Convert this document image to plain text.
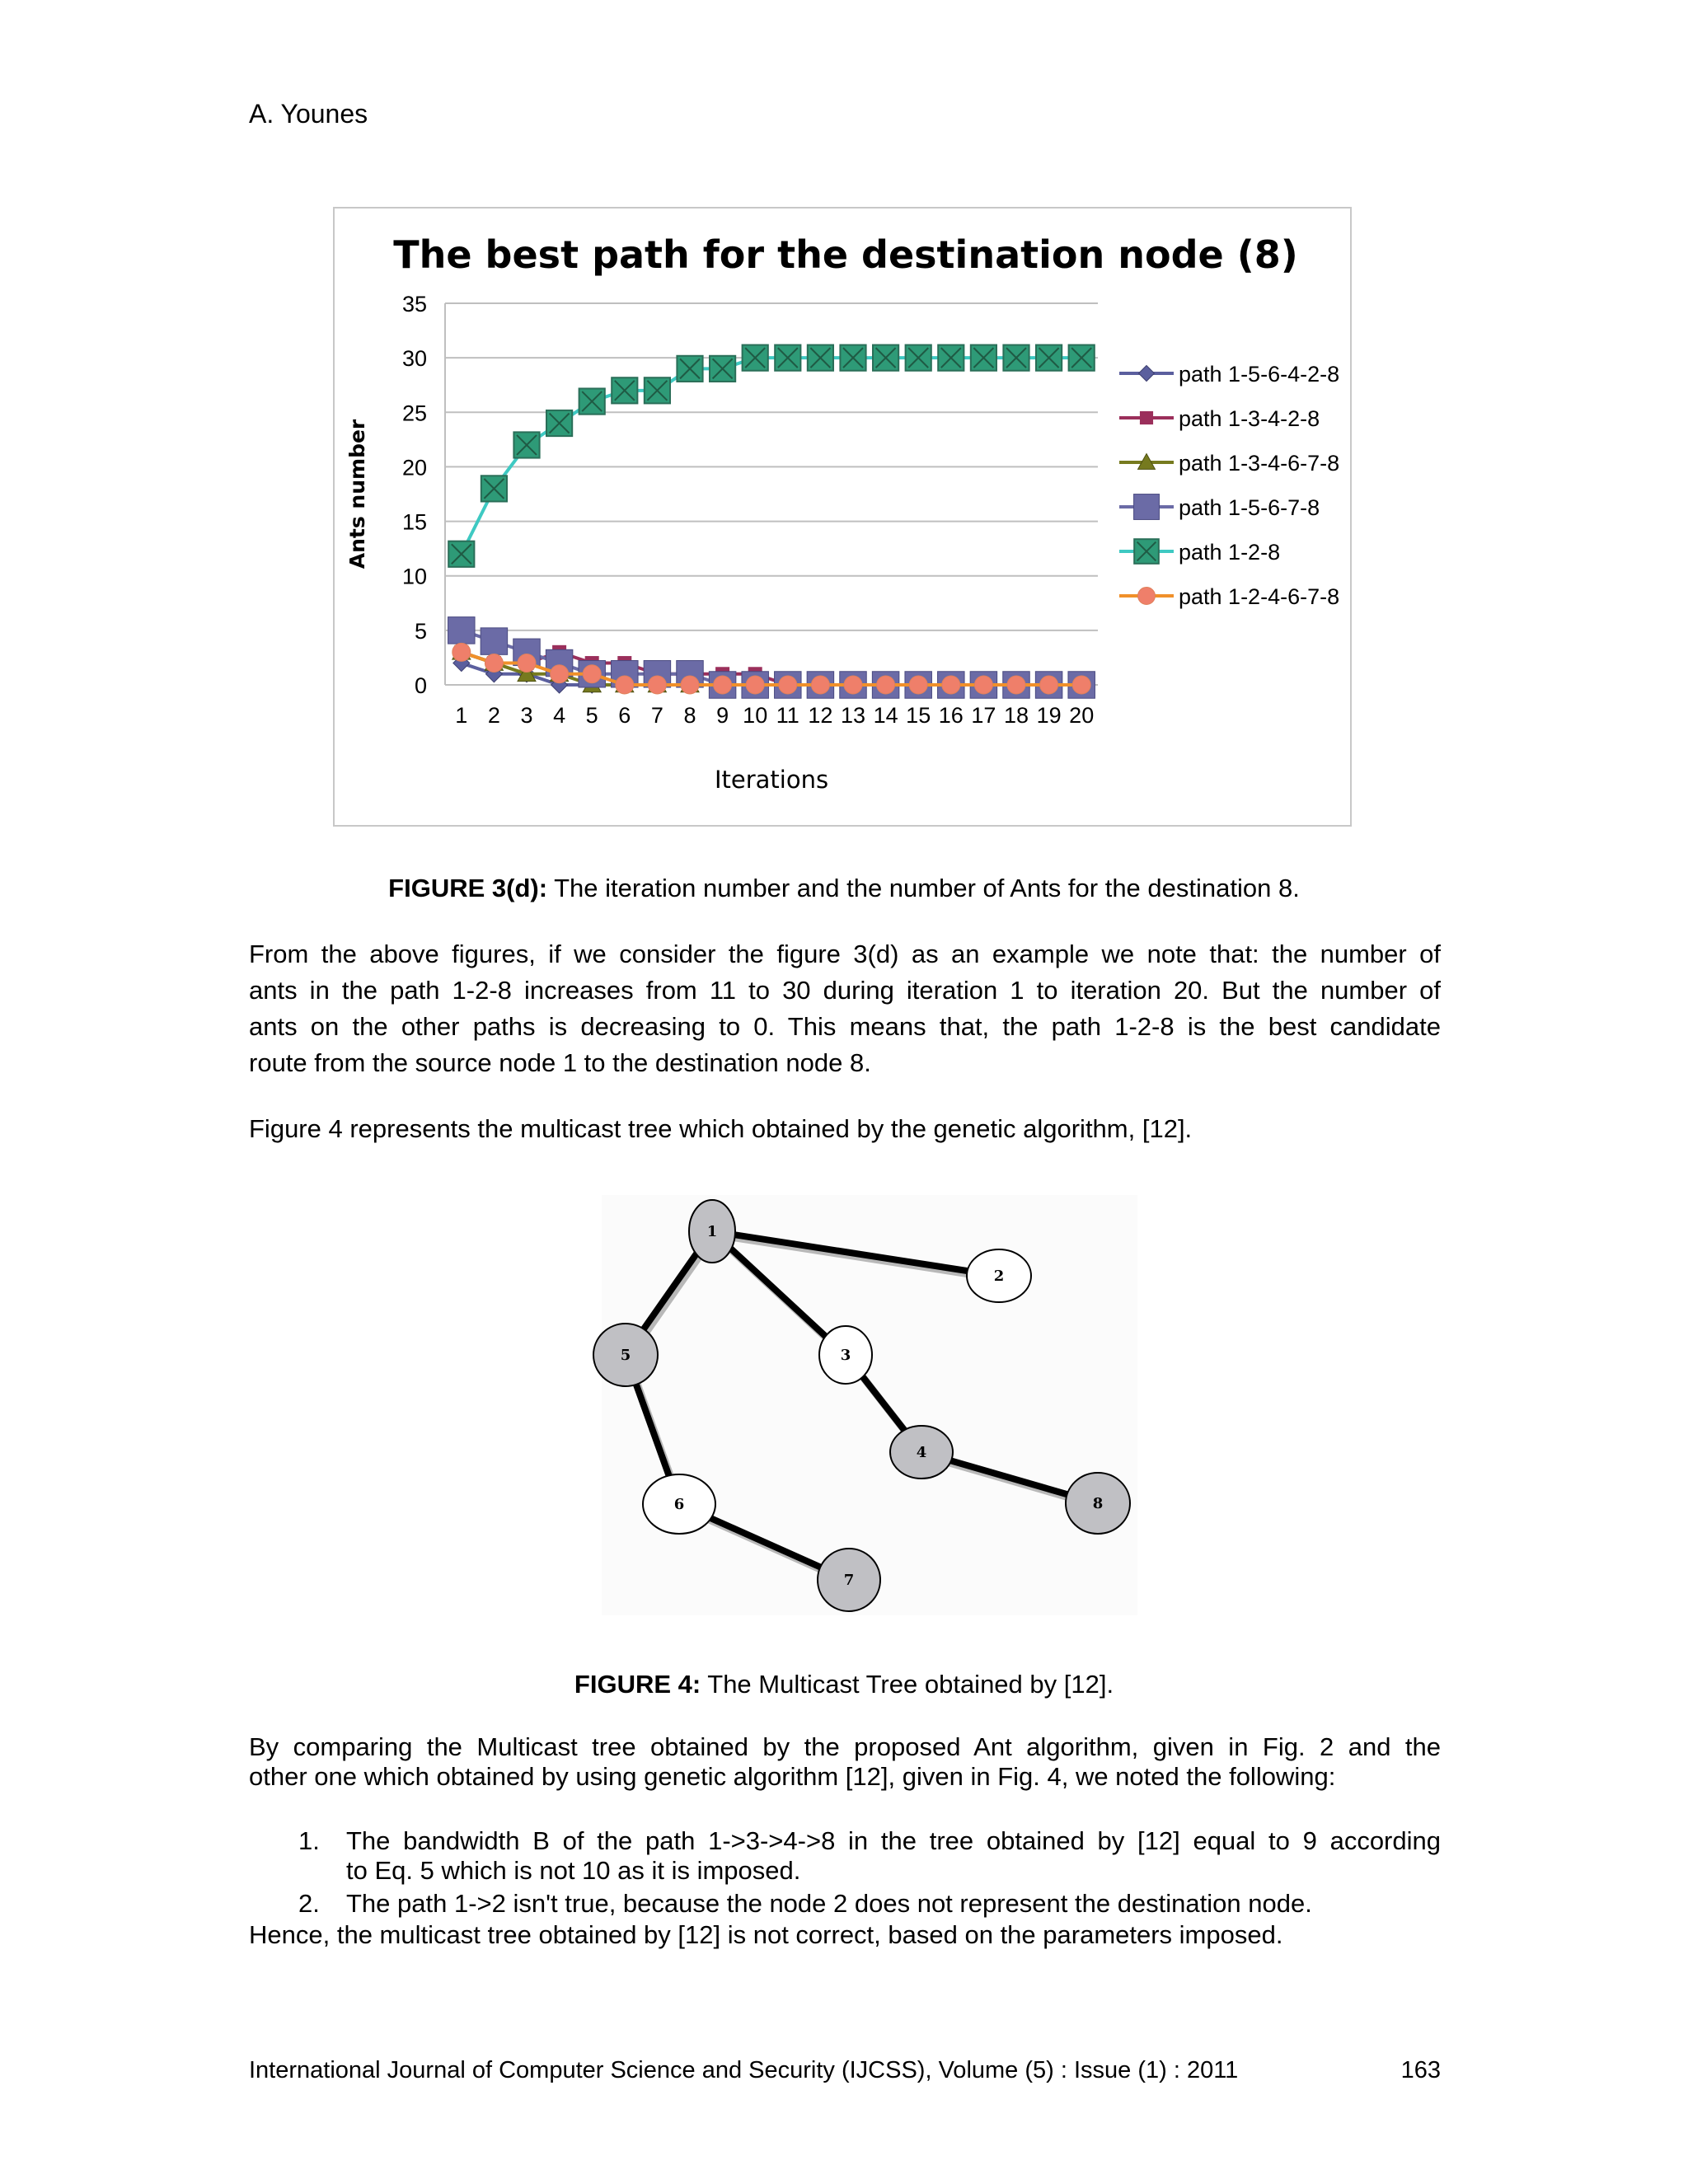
A. Younes
The best path for the destination node (8)
0
5
10
15
20
25
30
35
1 2 3 4 5 6 7 8 9 10 11 12 13 14 15 16 17 18 19 20
Iterations
Ants number
path 1-5-6-4-2-8
path 1-3-4-2-8
path 1-3-4-6-7-8
path 1-5-6-7-8
path 1-2-8
path 1-2-4-6-7-8
FIGURE 3(d): The iteration number and the number of Ants for the destination 8.
From the above figures, if we consider the figure 3(d) as an example we note that: the number of
ants in the path 1-2-8 increases from 11 to 30 during iteration 1 to iteration 20. But the number of
ants on the other paths is decreasing to 0. This means that, the path 1-2-8 is the best candidate
route from the source node 1 to the destination node 8.
Figure 4 represents the multicast tree which obtained by the genetic algorithm, [12].
1
2
3
4
5
6
7
8
FIGURE 4: The Multicast Tree obtained by [12].
By comparing the Multicast tree obtained by the proposed Ant algorithm, given in Fig. 2 and the
other one which obtained by using genetic algorithm [12], given in Fig. 4, we noted the following:
1.	The bandwidth B of the path 1->3->4->8 in the tree obtained by [12] equal to 9 according
to Eq. 5 which is not 10 as it is imposed.
2.	The path 1->2 isn't true, because the node 2 does not represent the destination node.
Hence, the multicast tree obtained by [12] is not correct, based on the parameters imposed.
International Journal of Computer Science and Security (IJCSS), Volume (5) : Issue (1) : 2011	163
